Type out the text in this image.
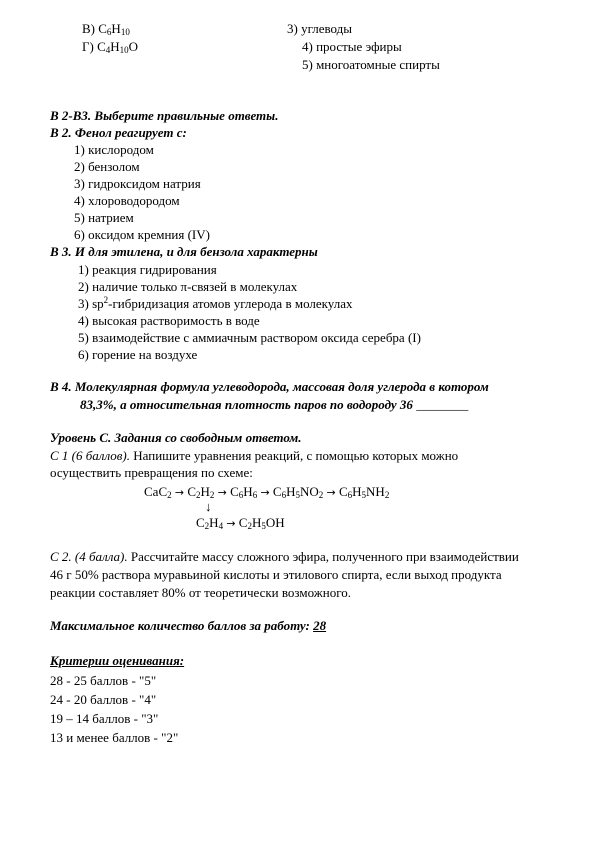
В) $C_6H_{10}$
Г) $C_4H_{10}O$
3) углеводы
4) простые эфиры
5) многоатомные спирты
В 2-В3. Выберите правильные ответы.
В 2. Фенол реагирует с:
1) кислородом
2) бензолом
3) гидроксидом натрия
4) хлороводородом
5) натрием
6) оксидом кремния (IV)
В 3. И для этилена, и для бензола характерны
1) реакция гидрирования
2) наличие только π-связей в молекулах
3) $sp^2$-гибридизация атомов углерода в молекулах
4) высокая растворимость в воде
5) взаимодействие с аммиачным раствором оксида серебра (I)
6) горение на воздухе
В 4. Молекулярная формула углеводорода, массовая доля углерода в котором
83,3%, а относительная плотность паров по водороду 36 ________
Уровень С. Задания со свободным ответом.
С 1 (6 баллов). Напишите уравнения реакций, с помощью которых можно
осуществить превращения по схеме:
$CaC_2 \to C_2H_2 \to C_6H_6 \to C_6H_5NO_2 \to C_6H_5NH_2$
↓
$C_2H_4 \to C_2H_5OH$
С 2. (4 балла). Рассчитайте массу сложного эфира, полученного при взаимодействии
46 г 50% раствора муравьиной кислоты и этилового спирта, если выход продукта
реакции составляет 80% от теоретически возможного.
Максимальное количество баллов за работу: 28
Критерии оценивания:
28 - 25 баллов - "5"
24 - 20 баллов - "4"
19 – 14 баллов - "3"
13 и менее баллов - "2"
